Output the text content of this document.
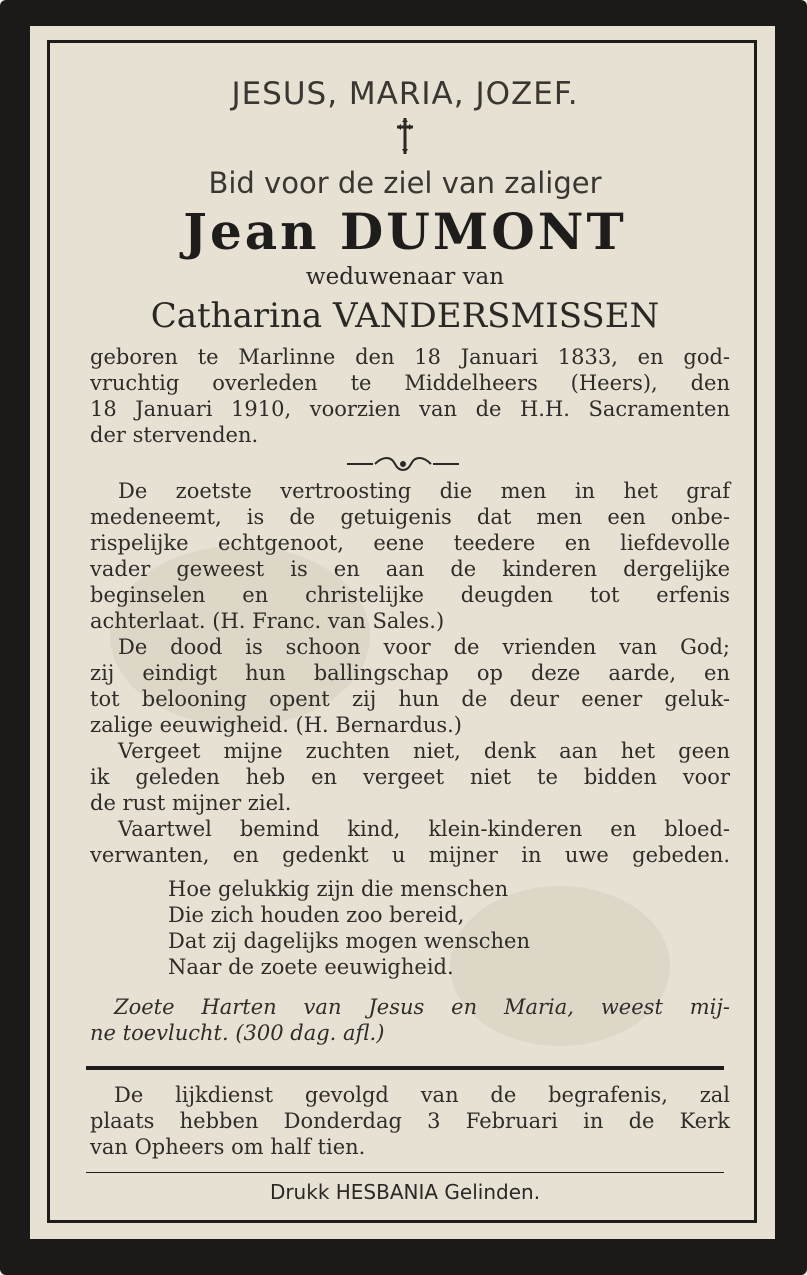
JESUS, MARIA, JOZEF.
Bid voor de ziel van zaliger
Jean DUMONT
weduwenaar van
Catharina VANDERSMISSEN
geboren te Marlinne den 18 Januari 1833, en god-
vruchtig overleden te Middelheers (Heers), den
18 Januari 1910, voorzien van de H.H. Sacramenten
der stervenden.
De zoetste vertroosting die men in het graf
medeneemt, is de getuigenis dat men een onbe-
rispelijke echtgenoot, eene teedere en liefdevolle
vader geweest is en aan de kinderen dergelijke
beginselen en christelijke deugden tot erfenis
achterlaat. (H. Franc. van Sales.)
De dood is schoon voor de vrienden van God;
zij eindigt hun ballingschap op deze aarde, en
tot belooning opent zij hun de deur eener geluk-
zalige eeuwigheid. (H. Bernardus.)
Vergeet mijne zuchten niet, denk aan het geen
ik geleden heb en vergeet niet te bidden voor
de rust mijner ziel.
Vaartwel bemind kind, klein-kinderen en bloed-
verwanten, en gedenkt u mijner in uwe gebeden.
Hoe gelukkig zijn die menschen
Die zich houden zoo bereid,
Dat zij dagelijks mogen wenschen
Naar de zoete eeuwigheid.
Zoete Harten van Jesus en Maria, weest mij-
ne toevlucht. (300 dag. afl.)
De lijkdienst gevolgd van de begrafenis, zal
plaats hebben Donderdag 3 Februari in de Kerk
van Opheers om half tien.
Drukk HESBANIA Gelinden.
